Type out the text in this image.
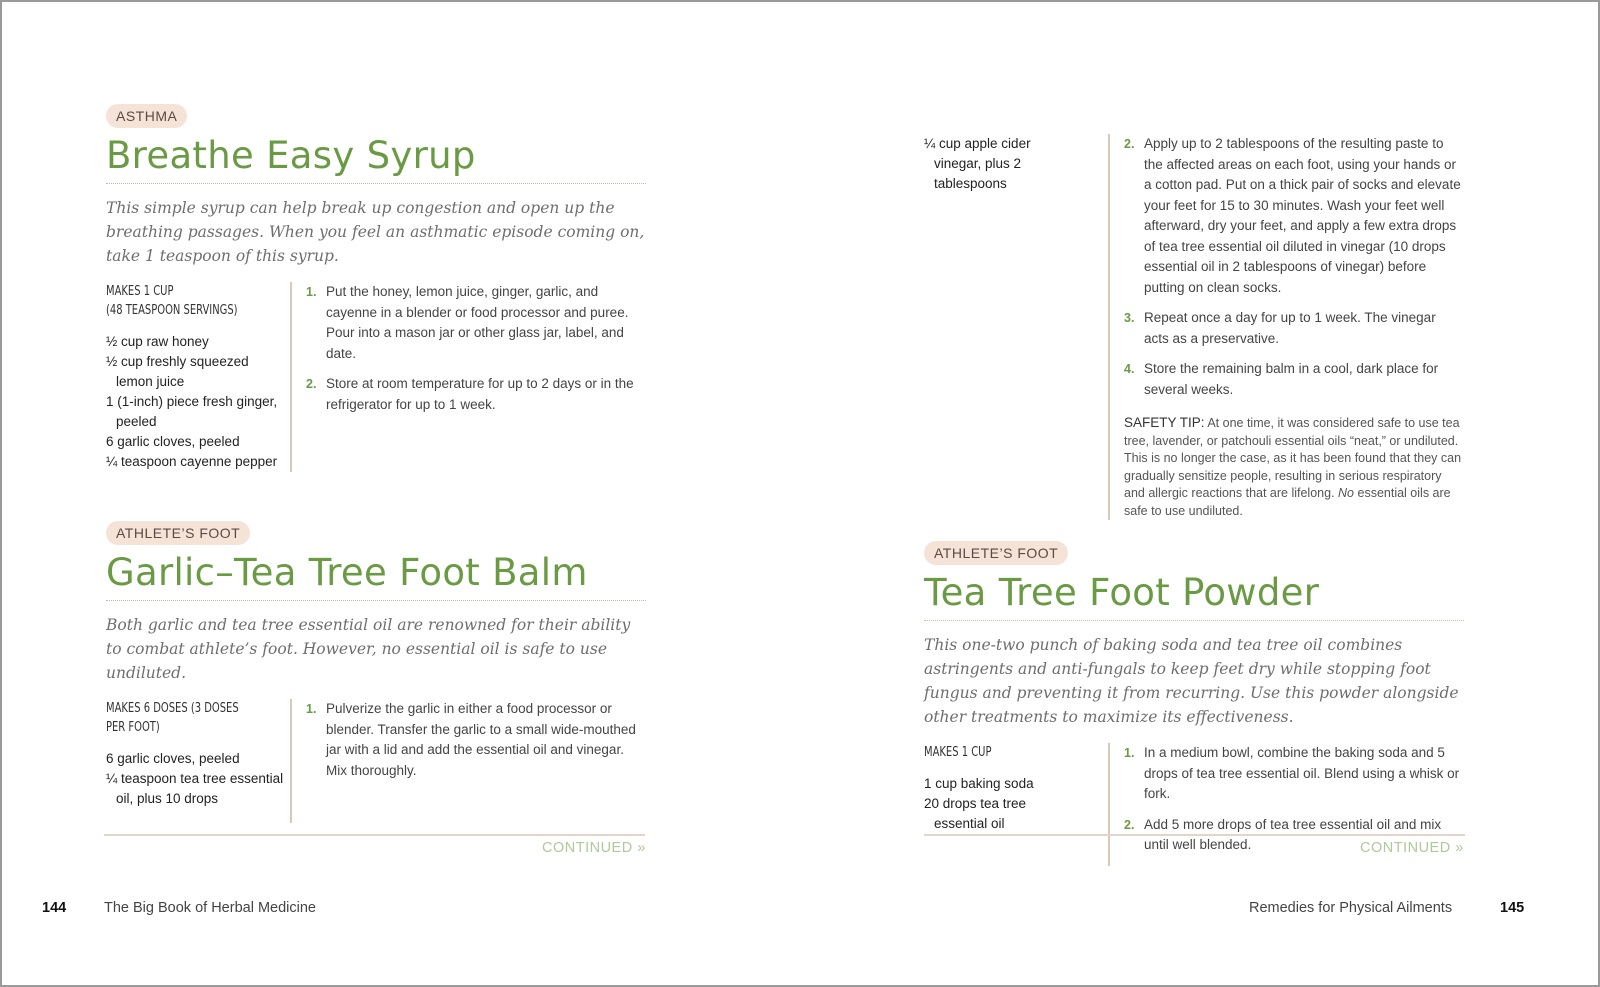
ASTHMA
Breathe Easy Syrup

This simple syrup can help break up congestion and open up the breathing passages. When you feel an asthmatic episode coming on, take 1 teaspoon of this syrup.

MAKES 1 CUP
(48 TEASPOON SERVINGS)

½ cup raw honey

½ cup freshly squeezed lemon juice

1 (1-inch) piece fresh ginger, peeled

6 garlic cloves, peeled

¼ teaspoon cayenne pepper

1. Put the honey, lemon juice, ginger, garlic, and cayenne in a blender or food processor and puree. Pour into a mason jar or other glass jar, label, and date.
2. Store at room temperature for up to 2 days or in the refrigerator for up to 1 week.
ATHLETE’S FOOT
Garlic–Tea Tree Foot Balm

Both garlic and tea tree essential oil are renowned for their ability to combat athlete’s foot. However, no essential oil is safe to use undiluted.

MAKES 6 DOSES (3 DOSES
PER FOOT)

6 garlic cloves, peeled

¼ teaspoon tea tree essential oil, plus 10 drops

1. Pulverize the garlic in either a food processor or blender. Transfer the garlic to a small wide-mouthed jar with a lid and add the essential oil and vinegar. Mix thoroughly.
CONTINUED »
144	The Big Book of Herbal Medicine

¼ cup apple cider vinegar, plus 2 tablespoons

2. Apply up to 2 tablespoons of the resulting paste to the affected areas on each foot, using your hands or a cotton pad. Put on a thick pair of socks and elevate your feet for 15 to 30 minutes. Wash your feet well afterward, dry your feet, and apply a few extra drops of tea tree essential oil diluted in vinegar (10 drops essential oil in 2 tablespoons of vinegar) before putting on clean socks.
3. Repeat once a day for up to 1 week. The vinegar acts as a preservative.
4. Store the remaining balm in a cool, dark place for several weeks.
SAFETY TIP: At one time, it was considered safe to use tea tree, lavender, or patchouli essential oils “neat,” or undiluted. This is no longer the case, as it has been found that they can gradually sensitize people, resulting in serious respiratory and allergic reactions that are lifelong. No essential oils are safe to use undiluted.
ATHLETE’S FOOT
Tea Tree Foot Powder

This one-two punch of baking soda and tea tree oil combines astringents and anti-fungals to keep feet dry while stopping foot fungus and preventing it from recurring. Use this powder alongside other treatments to maximize its effectiveness.

MAKES 1 CUP

1 cup baking soda

20 drops tea tree essential oil

1. In a medium bowl, combine the baking soda and 5 drops of tea tree essential oil. Blend using a whisk or fork.
2. Add 5 more drops of tea tree essential oil and mix until well blended.	CONTINUED »
Remedies for Physical Ailments	145
